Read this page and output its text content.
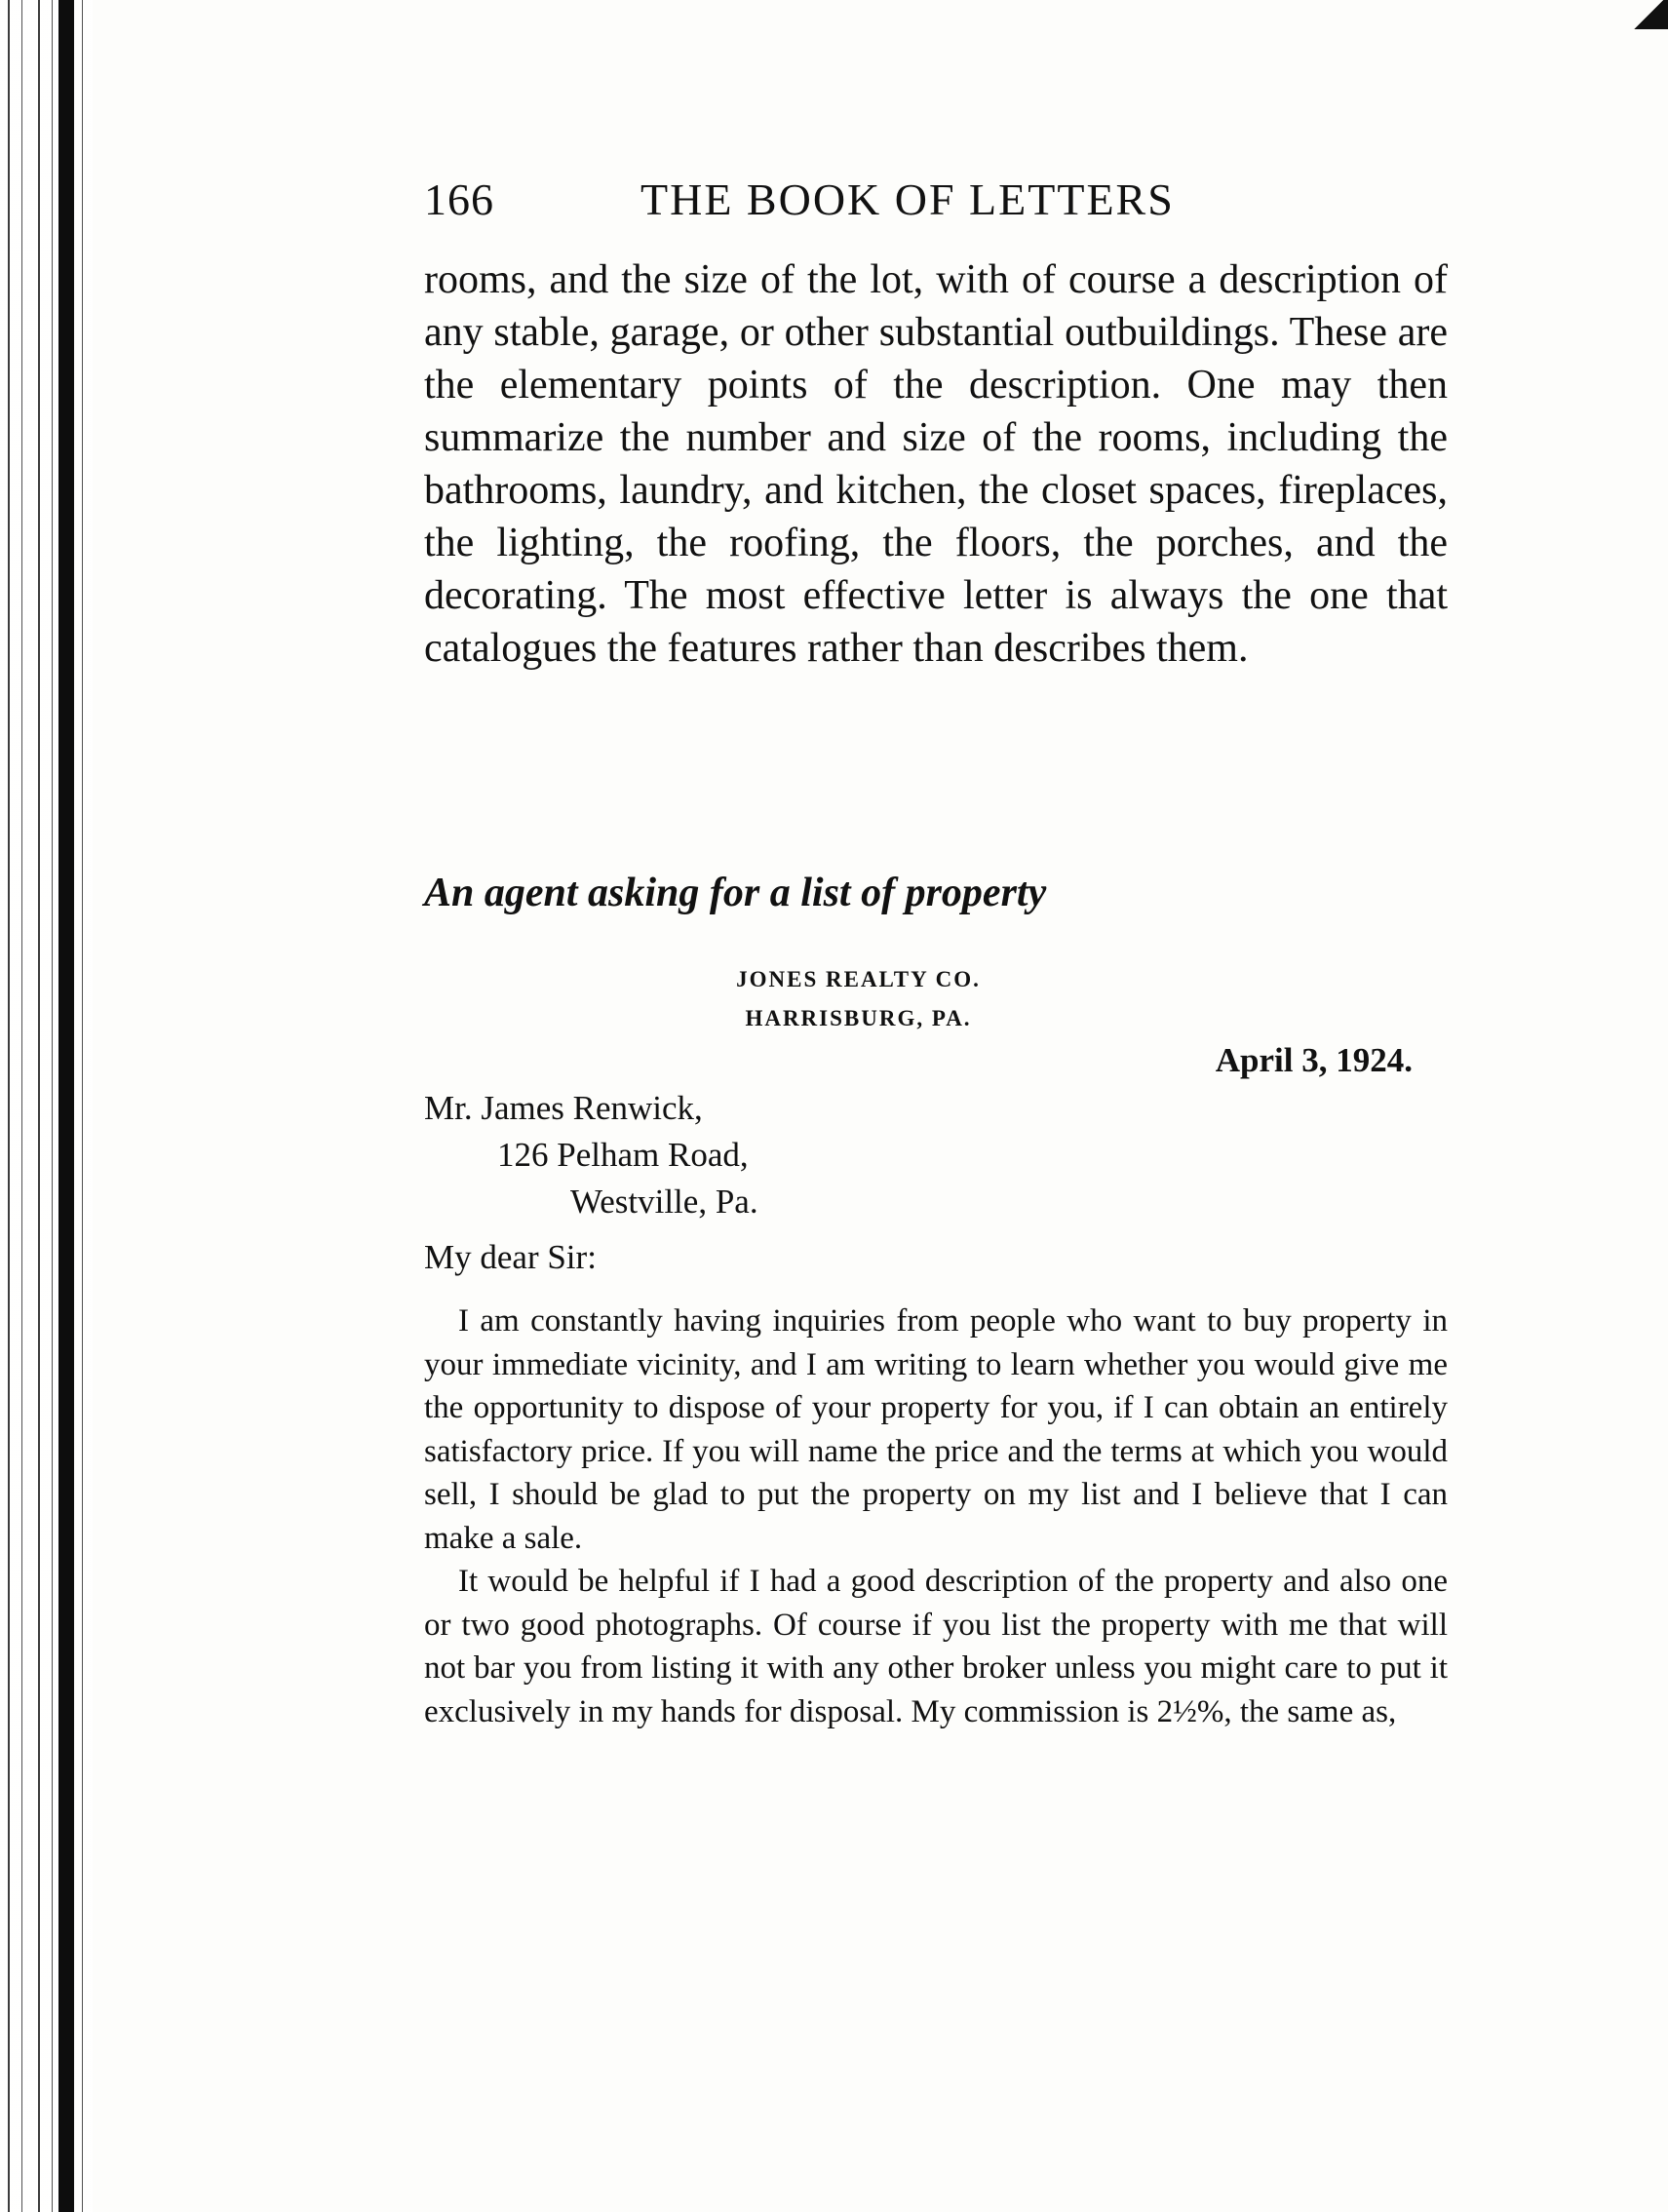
166	THE BOOK OF LETTERS

rooms, and the size of the lot, with of course a description of any stable, garage, or other substantial outbuildings. These are the elementary points of the description. One may then summarize the number and size of the rooms, including the bathrooms, laundry, and kitchen, the closet spaces, fireplaces, the lighting, the roofing, the floors, the porches, and the decorating. The most effective letter is always the one that catalogues the features rather than describes them.

An agent asking for a list of property
JONES REALTY CO.
HARRISBURG, PA.
April 3, 1924.
Mr. James Renwick,
126 Pelham Road,
Westville, Pa.
My dear Sir:

I am constantly having inquiries from people who want to buy property in your immediate vicinity, and I am writing to learn whether you would give me the opportunity to dispose of your property for you, if I can obtain an entirely satisfactory price. If you will name the price and the terms at which you would sell, I should be glad to put the property on my list and I believe that I can make a sale.

It would be helpful if I had a good description of the property and also one or two good photographs. Of course if you list the property with me that will not bar you from listing it with any other broker unless you might care to put it exclusively in my hands for disposal. My commission is 2½%, the same as,
